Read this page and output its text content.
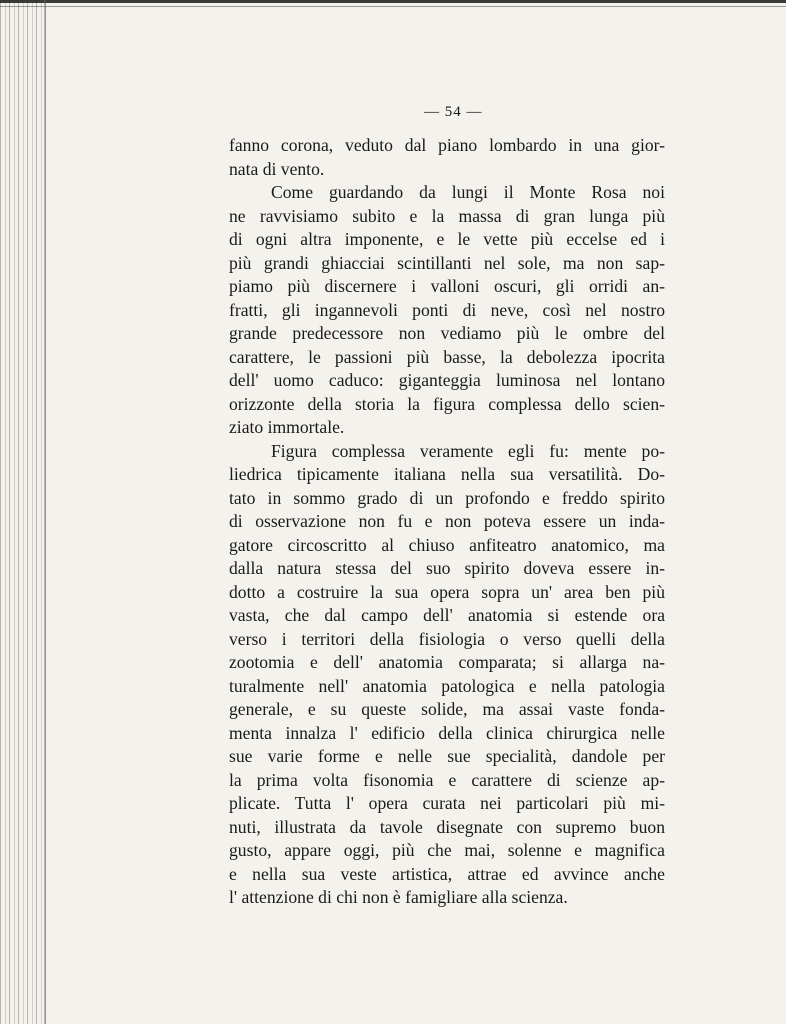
— 54 —
fanno corona, veduto dal piano lombardo in una gior-
nata di vento.
Come guardando da lungi il Monte Rosa noi
ne ravvisiamo subito e la massa di gran lunga più
di ogni altra imponente, e le vette più eccelse ed i
più grandi ghiacciai scintillanti nel sole, ma non sap-
piamo più discernere i valloni oscuri, gli orridi an-
fratti, gli ingannevoli ponti di neve, così nel nostro
grande predecessore non vediamo più le ombre del
carattere, le passioni più basse, la debolezza ipocrita
dell' uomo caduco: giganteggia luminosa nel lontano
orizzonte della storia la figura complessa dello scien-
ziato immortale.
Figura complessa veramente egli fu: mente po-
liedrica tipicamente italiana nella sua versatilità. Do-
tato in sommo grado di un profondo e freddo spirito
di osservazione non fu e non poteva essere un inda-
gatore circoscritto al chiuso anfiteatro anatomico, ma
dalla natura stessa del suo spirito doveva essere in-
dotto a costruire la sua opera sopra un' area ben più
vasta, che dal campo dell' anatomia si estende ora
verso i territori della fisiologia o verso quelli della
zootomia e dell' anatomia comparata; si allarga na-
turalmente nell' anatomia patologica e nella patologia
generale, e su queste solide, ma assai vaste fonda-
menta innalza l' edificio della clinica chirurgica nelle
sue varie forme e nelle sue specialità, dandole per
la prima volta fisonomia e carattere di scienze ap-
plicate. Tutta l' opera curata nei particolari più mi-
nuti, illustrata da tavole disegnate con supremo buon
gusto, appare oggi, più che mai, solenne e magnifica
e nella sua veste artistica, attrae ed avvince anche
l' attenzione di chi non è famigliare alla scienza.
